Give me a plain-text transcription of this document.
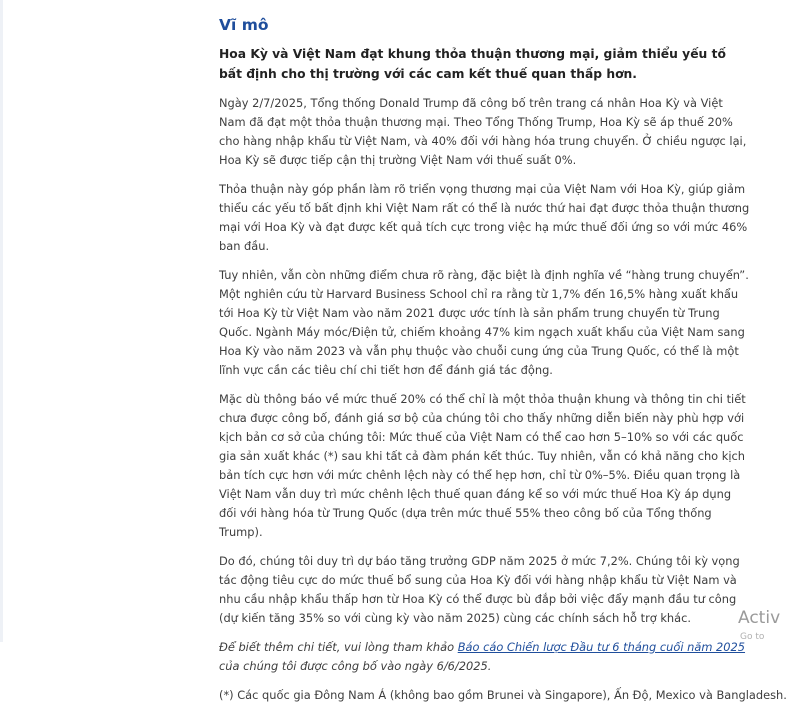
Vĩ mô

Hoa Kỳ và Việt Nam đạt khung thỏa thuận thương mại, giảm thiểu yếu tố bất định cho thị trường với các cam kết thuế quan thấp hơn.

Ngày 2/7/2025, Tổng thống Donald Trump đã công bố trên trang cá nhân Hoa Kỳ và Việt Nam đã đạt một thỏa thuận thương mại. Theo Tổng Thống Trump, Hoa Kỳ sẽ áp thuế 20% cho hàng nhập khẩu từ Việt Nam, và 40% đối với hàng hóa trung chuyển. Ở chiều ngược lại, Hoa Kỳ sẽ được tiếp cận thị trường Việt Nam với thuế suất 0%.

Thỏa thuận này góp phần làm rõ triển vọng thương mại của Việt Nam với Hoa Kỳ, giúp giảm thiểu các yếu tố bất định khi Việt Nam rất có thể là nước thứ hai đạt được thỏa thuận thương mại với Hoa Kỳ và đạt được kết quả tích cực trong việc hạ mức thuế đối ứng so với mức 46% ban đầu.

Tuy nhiên, vẫn còn những điểm chưa rõ ràng, đặc biệt là định nghĩa về “hàng trung chuyển”. Một nghiên cứu từ Harvard Business School chỉ ra rằng từ 1,7% đến 16,5% hàng xuất khẩu tới Hoa Kỳ từ Việt Nam vào năm 2021 được ước tính là sản phẩm trung chuyển từ Trung Quốc. Ngành Máy móc/Điện tử, chiếm khoảng 47% kim ngạch xuất khẩu của Việt Nam sang Hoa Kỳ vào năm 2023 và vẫn phụ thuộc vào chuỗi cung ứng của Trung Quốc, có thể là một lĩnh vực cần các tiêu chí chi tiết hơn để đánh giá tác động.

Mặc dù thông báo về mức thuế 20% có thể chỉ là một thỏa thuận khung và thông tin chi tiết chưa được công bố, đánh giá sơ bộ của chúng tôi cho thấy những diễn biến này phù hợp với kịch bản cơ sở của chúng tôi: Mức thuế của Việt Nam có thể cao hơn 5–10% so với các quốc gia sản xuất khác (*) sau khi tất cả đàm phán kết thúc. Tuy nhiên, vẫn có khả năng cho kịch bản tích cực hơn với mức chênh lệch này có thể hẹp hơn, chỉ từ 0%–5%. Điều quan trọng là Việt Nam vẫn duy trì mức chênh lệch thuế quan đáng kể so với mức thuế Hoa Kỳ áp dụng đối với hàng hóa từ Trung Quốc (dựa trên mức thuế 55% theo công bố của Tổng thống Trump).

Do đó, chúng tôi duy trì dự báo tăng trưởng GDP năm 2025 ở mức 7,2%. Chúng tôi kỳ vọng tác động tiêu cực do mức thuế bổ sung của Hoa Kỳ đối với hàng nhập khẩu từ Việt Nam và nhu cầu nhập khẩu thấp hơn từ Hoa Kỳ có thể được bù đắp bởi việc đẩy mạnh đầu tư công (dự kiến tăng 35% so với cùng kỳ vào năm 2025) cùng các chính sách hỗ trợ khác.

Để biết thêm chi tiết, vui lòng tham khảo Báo cáo Chiến lược Đầu tư 6 tháng cuối năm 2025 của chúng tôi được công bố vào ngày 6/6/2025.

(*) Các quốc gia Đông Nam Á (không bao gồm Brunei và Singapore), Ấn Độ, Mexico và Bangladesh.

Activ
Go to
